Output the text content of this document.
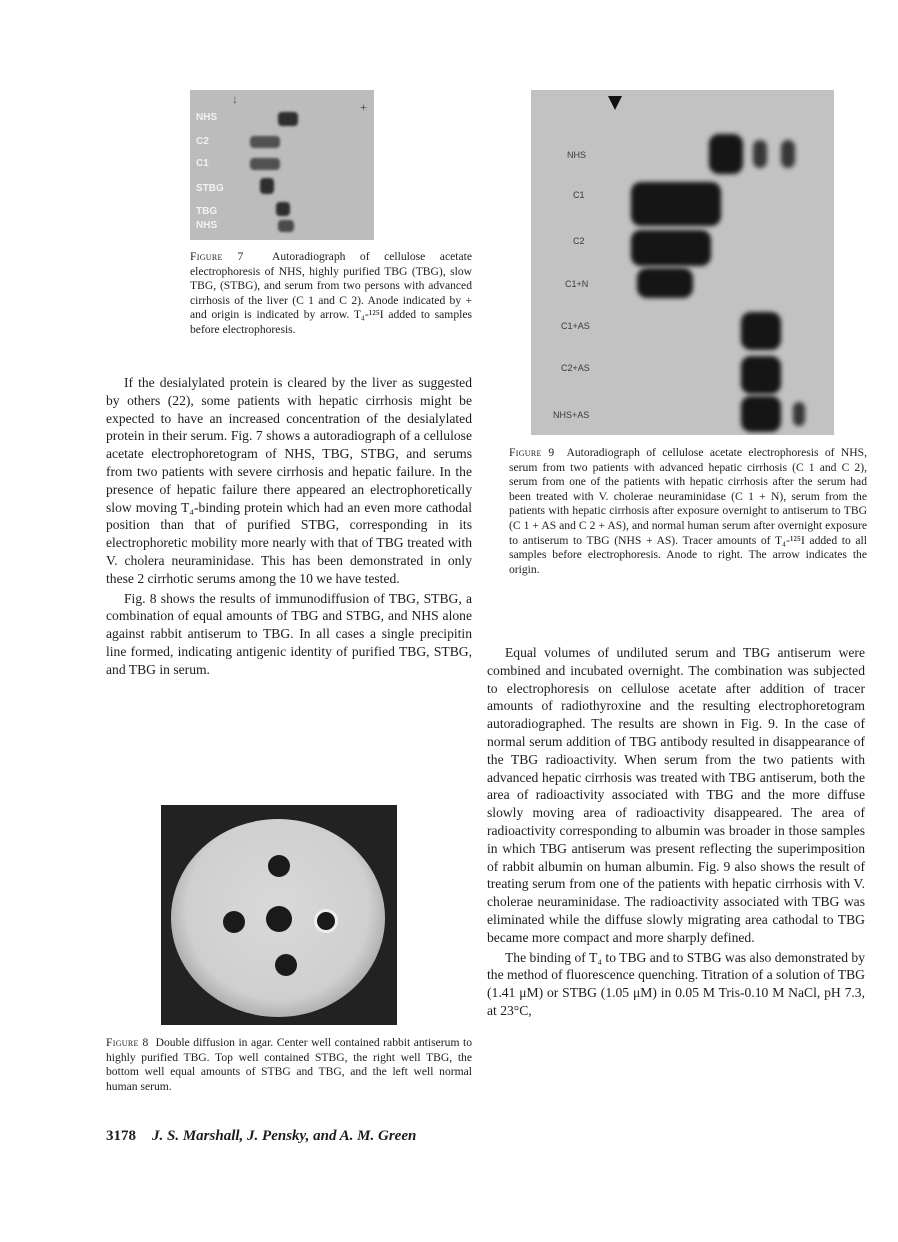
↓
+
NHS
C2
C1
STBG
TBG
NHS
Figure 7 Autoradiograph of cellulose acetate electrophoresis of NHS, highly purified TBG (TBG), slow TBG, (STBG), and serum from two persons with advanced cirrhosis of the liver (C 1 and C 2). Anode indicated by + and origin is indicated by arrow. T₄-¹²⁵I added to samples before electrophoresis.

If the desialylated protein is cleared by the liver as suggested by others (22), some patients with hepatic cirrhosis might be expected to have an increased concentration of the desialylated protein in their serum. Fig. 7 shows a autoradiograph of a cellulose acetate electrophoretogram of NHS, TBG, STBG, and serums from two patients with severe cirrhosis and hepatic failure. In the presence of hepatic failure there appeared an electrophoretically slow moving T₄-binding protein which had an even more cathodal position than that of purified STBG, corresponding in its electrophoretic mobility more nearly with that of TBG treated with V. cholera neuraminidase. This has been demonstrated in only these 2 cirrhotic serums among the 10 we have tested.

Fig. 8 shows the results of immunodiffusion of TBG, STBG, a combination of equal amounts of TBG and STBG, and NHS alone against rabbit antiserum to TBG. In all cases a single precipitin line formed, indicating antigenic identity of purified TBG, STBG, and TBG in serum.

Figure 8 Double diffusion in agar. Center well contained rabbit antiserum to highly purified TBG. Top well contained STBG, the right well TBG, the bottom well equal amounts of STBG and TBG, and the left well normal human serum.
NHS
C1
C2
C1+N
C1+AS
C2+AS
NHS+AS
Figure 9 Autoradiograph of cellulose acetate electrophoresis of NHS, serum from two patients with advanced hepatic cirrhosis (C 1 and C 2), serum from one of the patients with hepatic cirrhosis after the serum had been treated with V. cholerae neuraminidase (C 1 + N), serum from the patients with hepatic cirrhosis after exposure overnight to antiserum to TBG (C 1 + AS and C 2 + AS), and normal human serum after overnight exposure to antiserum to TBG (NHS + AS). Tracer amounts of T₄-¹²⁵I added to all samples before electrophoresis. Anode to right. The arrow indicates the origin.

Equal volumes of undiluted serum and TBG antiserum were combined and incubated overnight. The combination was subjected to electrophoresis on cellulose acetate after addition of tracer amounts of radiothyroxine and the resulting electrophoretogram autoradiographed. The results are shown in Fig. 9. In the case of normal serum addition of TBG antibody resulted in disappearance of the TBG radioactivity. When serum from the two patients with advanced hepatic cirrhosis was treated with TBG antiserum, both the area of radioactivity associated with TBG and the more diffuse slowly moving area of radioactivity disappeared. The area of radioactivity corresponding to albumin was broader in those samples in which TBG antiserum was present reflecting the superimposition of rabbit albumin on human albumin. Fig. 9 also shows the result of treating serum from one of the patients with hepatic cirrhosis with V. cholerae neuraminidase. The radioactivity associated with TBG was eliminated while the diffuse slowly migrating area cathodal to TBG became more compact and more sharply defined.

The binding of T₄ to TBG and to STBG was also demonstrated by the method of fluorescence quenching. Titration of a solution of TBG (1.41 μM) or STBG (1.05 μM) in 0.05 M Tris-0.10 M NaCl, pH 7.3, at 23°C,

3178 J. S. Marshall, J. Pensky, and A. M. Green
